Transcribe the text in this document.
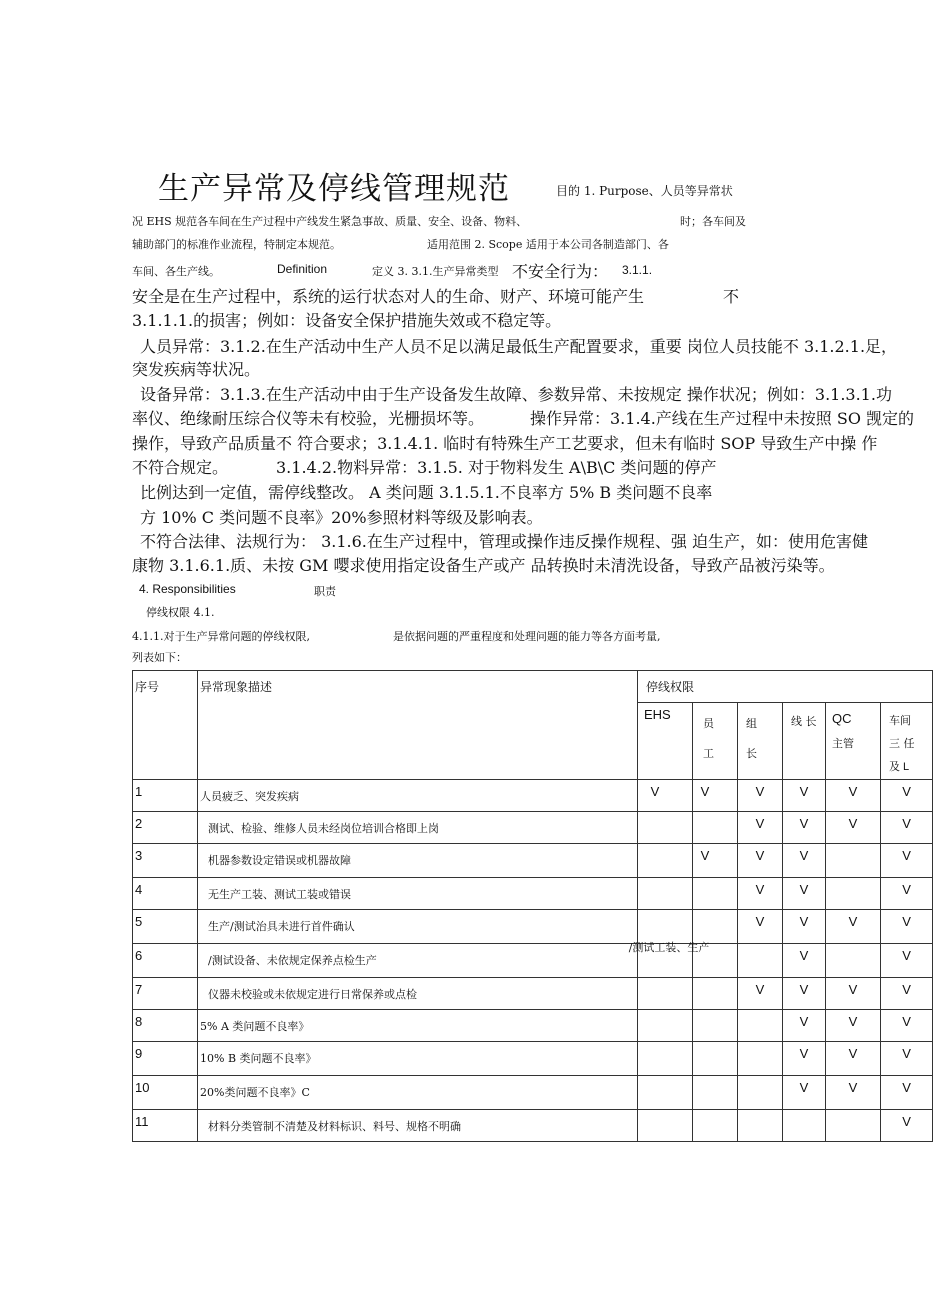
生产异常及停线管理规范	目的 1. Purpose、人员等异常状
况 EHS 规范各车间在生产过程中产线发生紧急事故、质量、安全、设备、物料、	时；各车间及
辅助部门的标准作业流程，特制定本规范。	适用范围 2. Scope 适用于本公司各制造部门、各
车间、各生产线。	Definition	定义 3. 3.1.生产异常类型 不安全行为： 3.1.1.
安全是在生产过程中，系统的运行状态对人的生命、财产、环境可能产生	不
3.1.1.1.的损害；例如：设备安全保护措施失效或不稳定等。
人员异常：3.1.2.在生产活动中生产人员不足以满足最低生产配置要求，重要 岗位人员技能不 3.1.2.1.足，
突发疾病等状况。
设备异常：3.1.3.在生产活动中由于生产设备发生故障、参数异常、未按规定 操作状况；例如：3.1.3.1.功
率仪、绝缘耐压综合仪等未有校验，光栅损坏等。	操作异常：3.1.4.产线在生产过程中未按照 SO 觊定的
操作，导致产品质量不 符合要求；3.1.4.1. 临时有特殊生产工艺要求，但未有临时 SOP 导致生产中操 作
不符合规定。	3.1.4.2.物料异常：3.1.5. 对于物料发生 A\B\C 类问题的停产
比例达到一定值，需停线整改。 A 类问题 3.1.5.1.不良率方 5% B 类问题不良率
方 10% C 类问题不良率》20%参照材料等级及影响表。
不符合法律、法规行为： 3.1.6.在生产过程中，管理或操作违反操作规程、强 迫生产，如：使用危害健
康物 3.1.6.1.质、未按 GM 嘤求使用指定设备生产或产 品转换时未清洗设备，导致产品被污染等。
4. Responsibilities	职责
停线权限 4.1.
4.1.1.对于生产异常问题的停线权限,	是依据问题的严重程度和处理问题的能力等各方面考量,
列表如下：
序号	异常现象描述	停线权限					

		EHS	员
工	组
长	线 长	QC
主管	车间
三 任
及 L

1	人员疲乏、突发疾病	V	V	V	V	V	V

2	测试、检验、维修人员未经岗位培训合格即上岗			V	V	V	V

3	机器参数设定错误或机器故障		V	V	V		V

4	无生产工装、测试工装或错误			V	V		V

5	生产/测试治具未进行首件确认			V	V	V	V

6	/测试设备、未依规定保养点检生产/测试工装、生产				V		V

7	仪器未校验或未依规定进行日常保养或点检			V	V	V	V

8	5% A 类问题不良率》				V	V	V

9	10% B 类问题不良率》				V	V	V

10	20%类问题不良率》C				V	V	V

11	材料分类管制不清楚及材料标识、料号、规格不明确						V
